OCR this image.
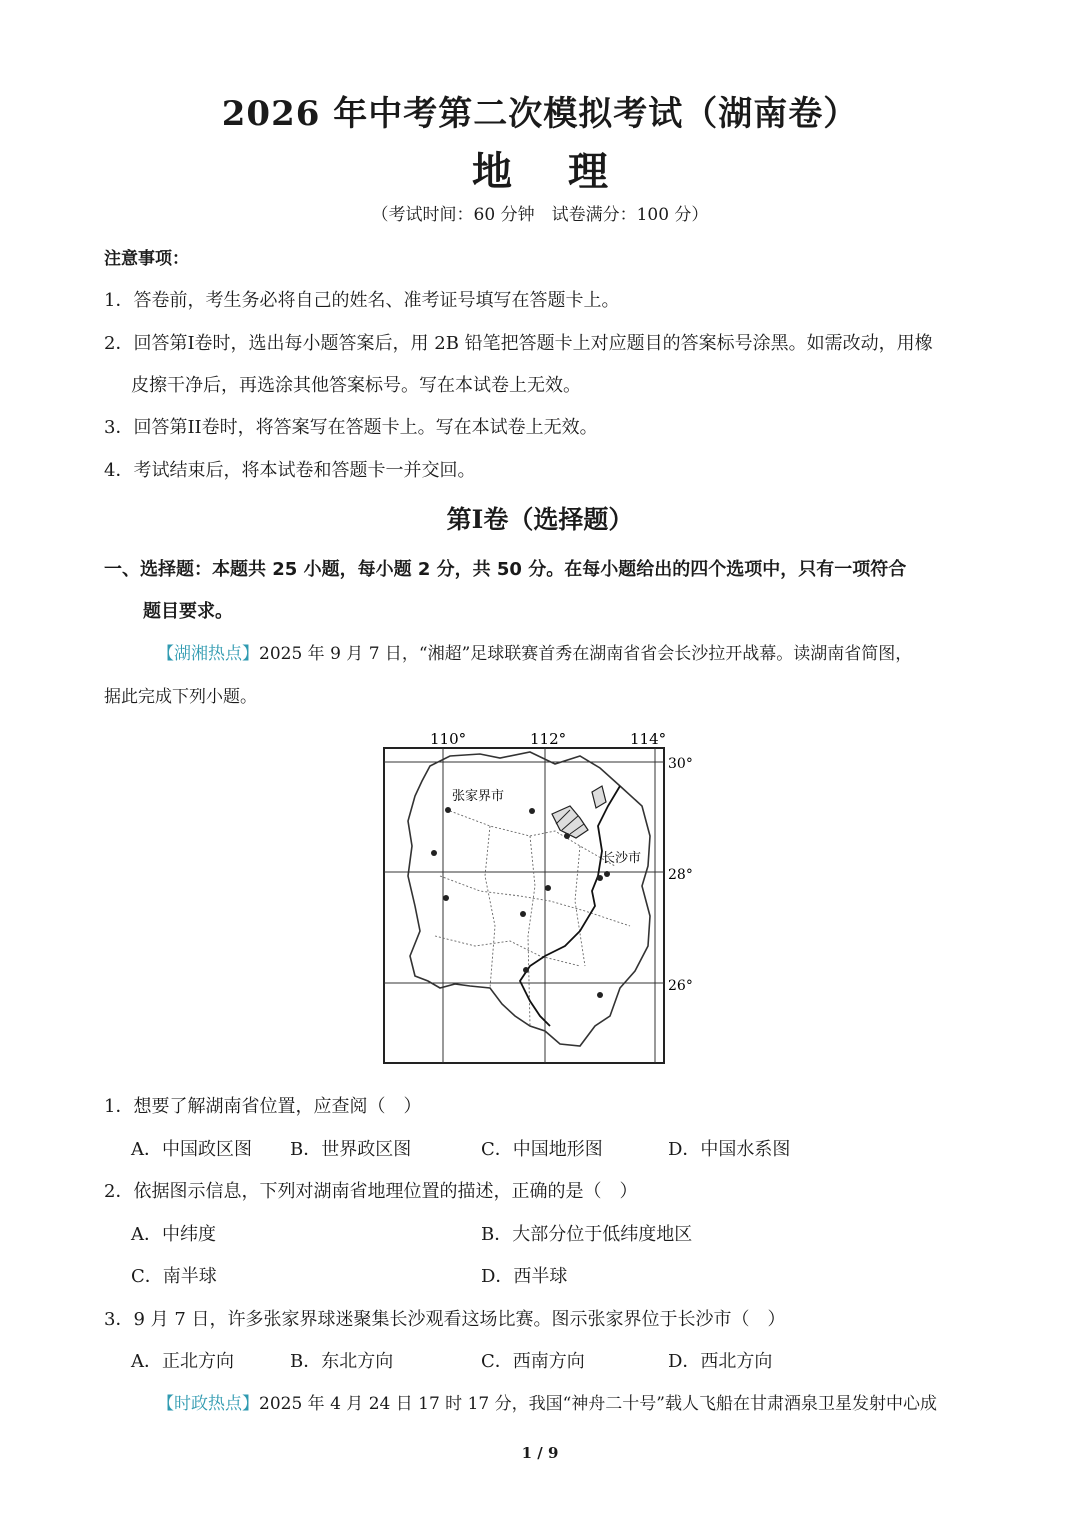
2026 年中考第二次模拟考试（湖南卷）
地理
（考试时间：60 分钟　试卷满分：100 分）
注意事项：
1．答卷前，考生务必将自己的姓名、准考证号填写在答题卡上。
2．回答第I卷时，选出每小题答案后，用 2B 铅笔把答题卡上对应题目的答案标号涂黑。如需改动，用橡
皮擦干净后，再选涂其他答案标号。写在本试卷上无效。
3．回答第II卷时，将答案写在答题卡上。写在本试卷上无效。
4．考试结束后，将本试卷和答题卡一并交回。
第I卷（选择题）
一、选择题：本题共 25 小题，每小题 2 分，共 50 分。在每小题给出的四个选项中，只有一项符合
题目要求。
【湖湘热点】2025 年 9 月 7 日，“湘超”足球联赛首秀在湖南省省会长沙拉开战幕。读湖南省简图，
据此完成下列小题。
110°	112°	114°
30°
28°
26°
张家界市
长沙市
1．想要了解湖南省位置，应查阅（　）
A．中国政区图 B．世界政区图	C．中国地形图	D．中国水系图
2．依据图示信息，下列对湖南省地理位置的描述，正确的是（　）
A．中纬度	B．大部分位于低纬度地区
C．南半球	D．西半球
3．9 月 7 日，许多张家界球迷聚集长沙观看这场比赛。图示张家界位于长沙市（　）
A．正北方向	B．东北方向	C．西南方向	D．西北方向
【时政热点】2025 年 4 月 24 日 17 时 17 分，我国“神舟二十号”载人飞船在甘肃酒泉卫星发射中心成
1 / 9
